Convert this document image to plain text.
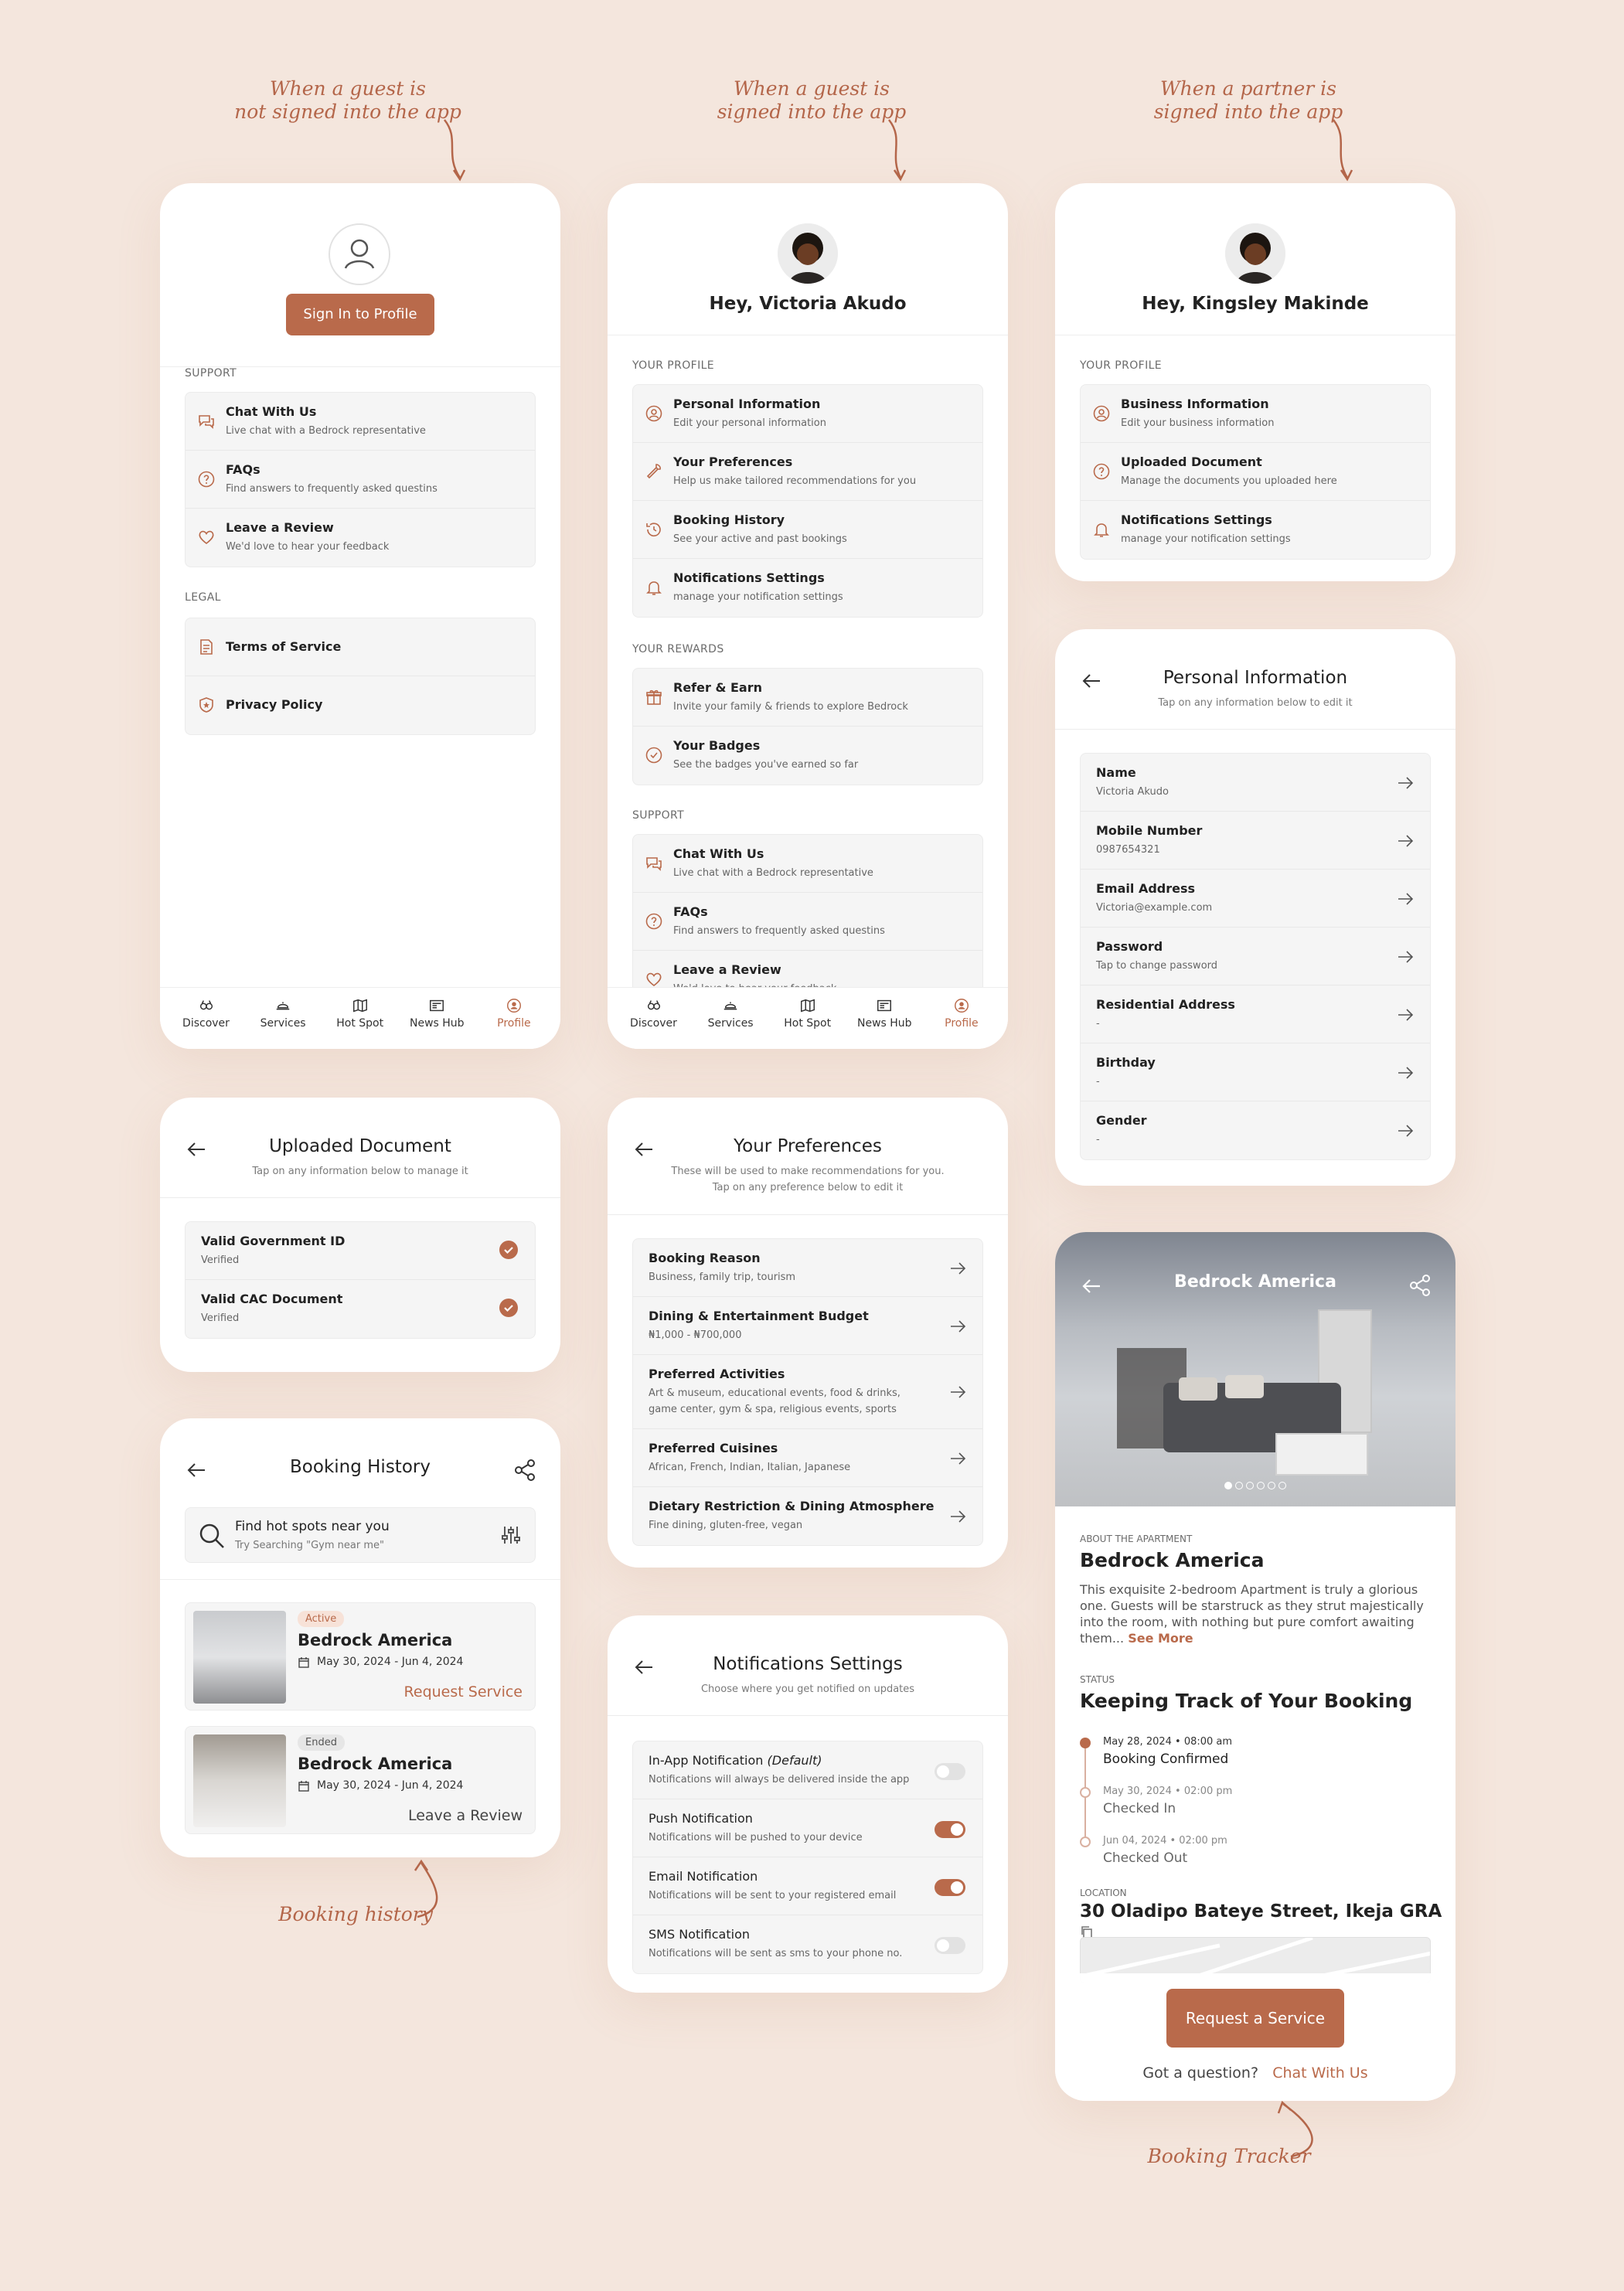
When a guest is
not signed into the app
When a guest is
signed into the app
When a partner is
signed into the app
Booking history
Booking Tracker
Sign In to Profile
SUPPORT
Chat With Us
Live chat with a Bedrock representative
FAQs
Find answers to frequently asked questins
Leave a Review
We'd love to hear your feedback
LEGAL
Terms of Service
Privacy Policy
Discover	Services	Hot Spot	News Hub	Profile
Hey, Victoria Akudo
YOUR PROFILE
Personal Information
Edit your personal information
Your Preferences
Help us make tailored recommendations for you
Booking History
See your active and past bookings
Notifications Settings
manage your notification settings
YOUR REWARDS
Refer & Earn
Invite your family & friends to explore Bedrock
Your Badges
See the badges you've earned so far
SUPPORT
Chat With Us
Live chat with a Bedrock representative
FAQs
Find answers to frequently asked questins
Leave a Review
Discover	Services	Hot Spot	News Hub	Profile
Hey, Kingsley Makinde
YOUR PROFILE
Business Information
Edit your business information
Uploaded Document
Manage the documents you uploaded here
Notifications Settings
manage your notification settings
Personal Information
Tap on any information below to edit it
Name
Victoria Akudo
Mobile Number
0987654321
Email Address
Victoria@example.com
Password
Tap to change password
Residential Address
-
Birthday
-
Gender
-
Uploaded Document
Tap on any information below to manage it
Valid Government ID
Verified
Valid CAC Document
Verified
Your Preferences
These will be used to make recommendations for you.
Tap on any preference below to edit it
Booking Reason
Business, family trip, tourism
Dining & Entertainment Budget
₦1,000 - ₦700,000
Preferred Activities
Art & museum, educational events, food & drinks,
game center, gym & spa, religious events, sports
Preferred Cuisines
African, French, Indian, Italian, Japanese
Dietary Restriction & Dining Atmosphere
Fine dining, gluten-free, vegan
Booking History
Find hot spots near you
Try Searching "Gym near me"
Active
Bedrock America
May 30, 2024 - Jun 4, 2024
Request Service
Ended
Bedrock America
May 30, 2024 - Jun 4, 2024
Leave a Review
Notifications Settings
Choose where you get notified on updates
In-App Notification (Default)
Notifications will always be delivered inside the app
Push Notification
Notifications will be pushed to your device
Email Notification
Notifications will be sent to your registered email
SMS Notification
Notifications will be sent as sms to your phone no.
Bedrock America
ABOUT THE APARTMENT
Bedrock America
This exquisite 2-bedroom Apartment is truly a glorious one. Guests will be starstruck as they strut majestically into the room, with nothing but pure comfort awaiting them... See More
STATUS
Keeping Track of Your Booking
May 28, 2024 • 08:00 am
Booking Confirmed
May 30, 2024 • 02:00 pm
Checked In
Jun 04, 2024 • 02:00 pm
Checked Out
LOCATION
30 Oladipo Bateye Street, Ikeja GRA
Request a Service
Got a question? Chat With Us
